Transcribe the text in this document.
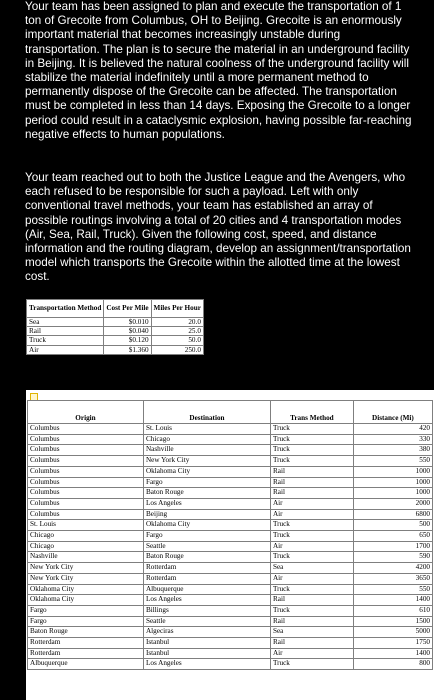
Your team has been assigned to plan and execute the transportation of 1 ton of Grecoite from Columbus, OH to Beijing. Grecoite is an enormously important material that becomes increasingly unstable during transportation. The plan is to secure the material in an underground facility in Beijing. It is believed the natural coolness of the underground facility will stabilize the material indefinitely until a more permanent method to permanently dispose of the Grecoite can be affected. The transportation must be completed in less than 14 days. Exposing the Grecoite to a longer period could result in a cataclysmic explosion, having possible far-reaching negative effects to human populations.

Your team reached out to both the Justice League and the Avengers, who each refused to be responsible for such a payload. Left with only conventional travel methods, your team has established an array of possible routings involving a total of 20 cities and 4 transportation modes (Air, Sea, Rail, Truck). Given the following cost, speed, and distance information and the routing diagram, develop an assignment/transportation model which transports the Grecoite within the allotted time at the lowest cost.

Transportation Method	Cost Per Mile	Miles Per Hour
Sea	$0.010	20.0
Rail	$0.040	25.0
Truck	$0.120	50.0
Air	$1.360	250.0
Origin	Destination	Trans Method	Distance (Mi)
Columbus	St. Louis	Truck	420
Columbus	Chicago	Truck	330
Columbus	Nashville	Truck	380
Columbus	New York City	Truck	550
Columbus	Oklahoma City	Rail	1000
Columbus	Fargo	Rail	1000
Columbus	Baton Rouge	Rail	1000
Columbus	Los Angeles	Air	2000
Columbus	Beijing	Air	6800
St. Louis	Oklahoma City	Truck	500
Chicago	Fargo	Truck	650
Chicago	Seattle	Air	1700
Nashville	Baton Rouge	Truck	590
New York City	Rotterdam	Sea	4200
New York City	Rotterdam	Air	3650
Oklahoma City	Albuquerque	Truck	550
Oklahoma City	Los Angeles	Rail	1400
Fargo	Billings	Truck	610
Fargo	Seattle	Rail	1500
Baton Rouge	Algeciras	Sea	5000
Rotterdam	Istanbul	Rail	1750
Rotterdam	Istanbul	Air	1400
Albuquerque	Los Angeles	Truck	800
